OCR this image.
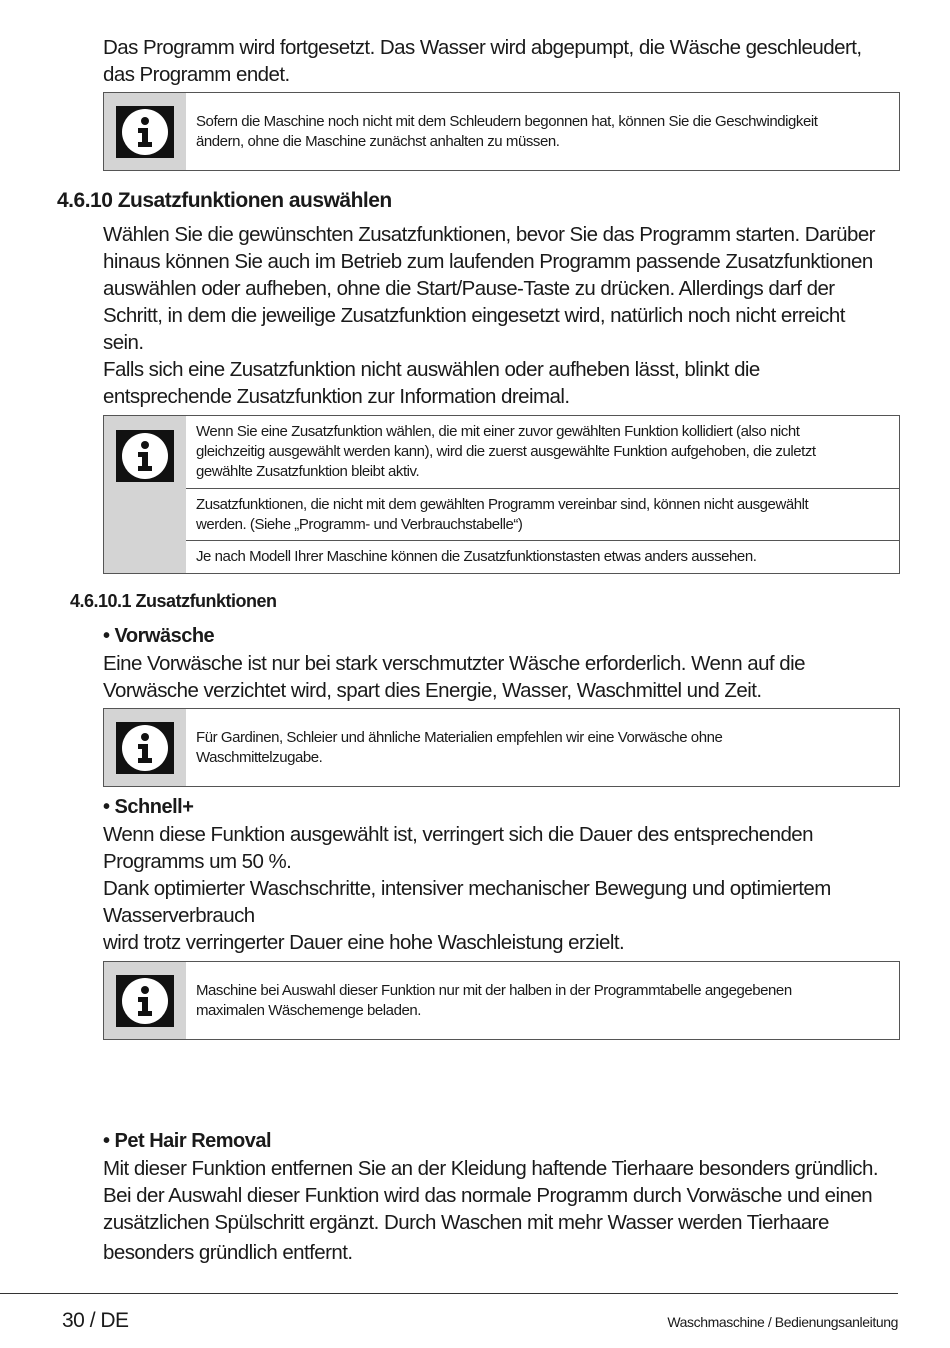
Das Programm wird fortgesetzt. Das Wasser wird abgepumpt, die Wäsche geschleudert,
das Programm endet.

Sofern die Maschine noch nicht mit dem Schleudern begonnen hat, können Sie die Geschwindigkeit
ändern, ohne die Maschine zunächst anhalten zu müssen.
4.6.10 Zusatzfunktionen auswählen

Wählen Sie die gewünschten Zusatzfunktionen, bevor Sie das Programm starten. Darüber
hinaus können Sie auch im Betrieb zum laufenden Programm passende Zusatzfunktionen
auswählen oder aufheben, ohne die Start/Pause-Taste zu drücken. Allerdings darf der
Schritt, in dem die jeweilige Zusatzfunktion eingesetzt wird, natürlich noch nicht erreicht
sein.
Falls sich eine Zusatzfunktion nicht auswählen oder aufheben lässt, blinkt die
entsprechende Zusatzfunktion zur Information dreimal.

Wenn Sie eine Zusatzfunktion wählen, die mit einer zuvor gewählten Funktion kollidiert (also nicht
gleichzeitig ausgewählt werden kann), wird die zuerst ausgewählte Funktion aufgehoben, die zuletzt
gewählte Zusatzfunktion bleibt aktiv.
Zusatzfunktionen, die nicht mit dem gewählten Programm vereinbar sind, können nicht ausgewählt
werden. (Siehe „Programm- und Verbrauchstabelle“)
Je nach Modell Ihrer Maschine können die Zusatzfunktionstasten etwas anders aussehen.
4.6.10.1 Zusatzfunktionen
• Vorwäsche

Eine Vorwäsche ist nur bei stark verschmutzter Wäsche erforderlich. Wenn auf die
Vorwäsche verzichtet wird, spart dies Energie, Wasser, Waschmittel und Zeit.

Für Gardinen, Schleier und ähnliche Materialien empfehlen wir eine Vorwäsche ohne
Waschmittelzugabe.
• Schnell+

Wenn diese Funktion ausgewählt ist, verringert sich die Dauer des entsprechenden
Programms um 50 %.
Dank optimierter Waschschritte, intensiver mechanischer Bewegung und optimiertem
Wasserverbrauch
wird trotz verringerter Dauer eine hohe Waschleistung erzielt.

Maschine bei Auswahl dieser Funktion nur mit der halben in der Programmtabelle angegebenen
maximalen Wäschemenge beladen.
• Pet Hair Removal

Mit dieser Funktion entfernen Sie an der Kleidung haftende Tierhaare besonders gründlich.
Bei der Auswahl dieser Funktion wird das normale Programm durch Vorwäsche und einen
zusätzlichen Spülschritt ergänzt. Durch Waschen mit mehr Wasser werden Tierhaare
besonders gründlich entfernt.

30 / DE	Waschmaschine / Bedienungsanleitung
